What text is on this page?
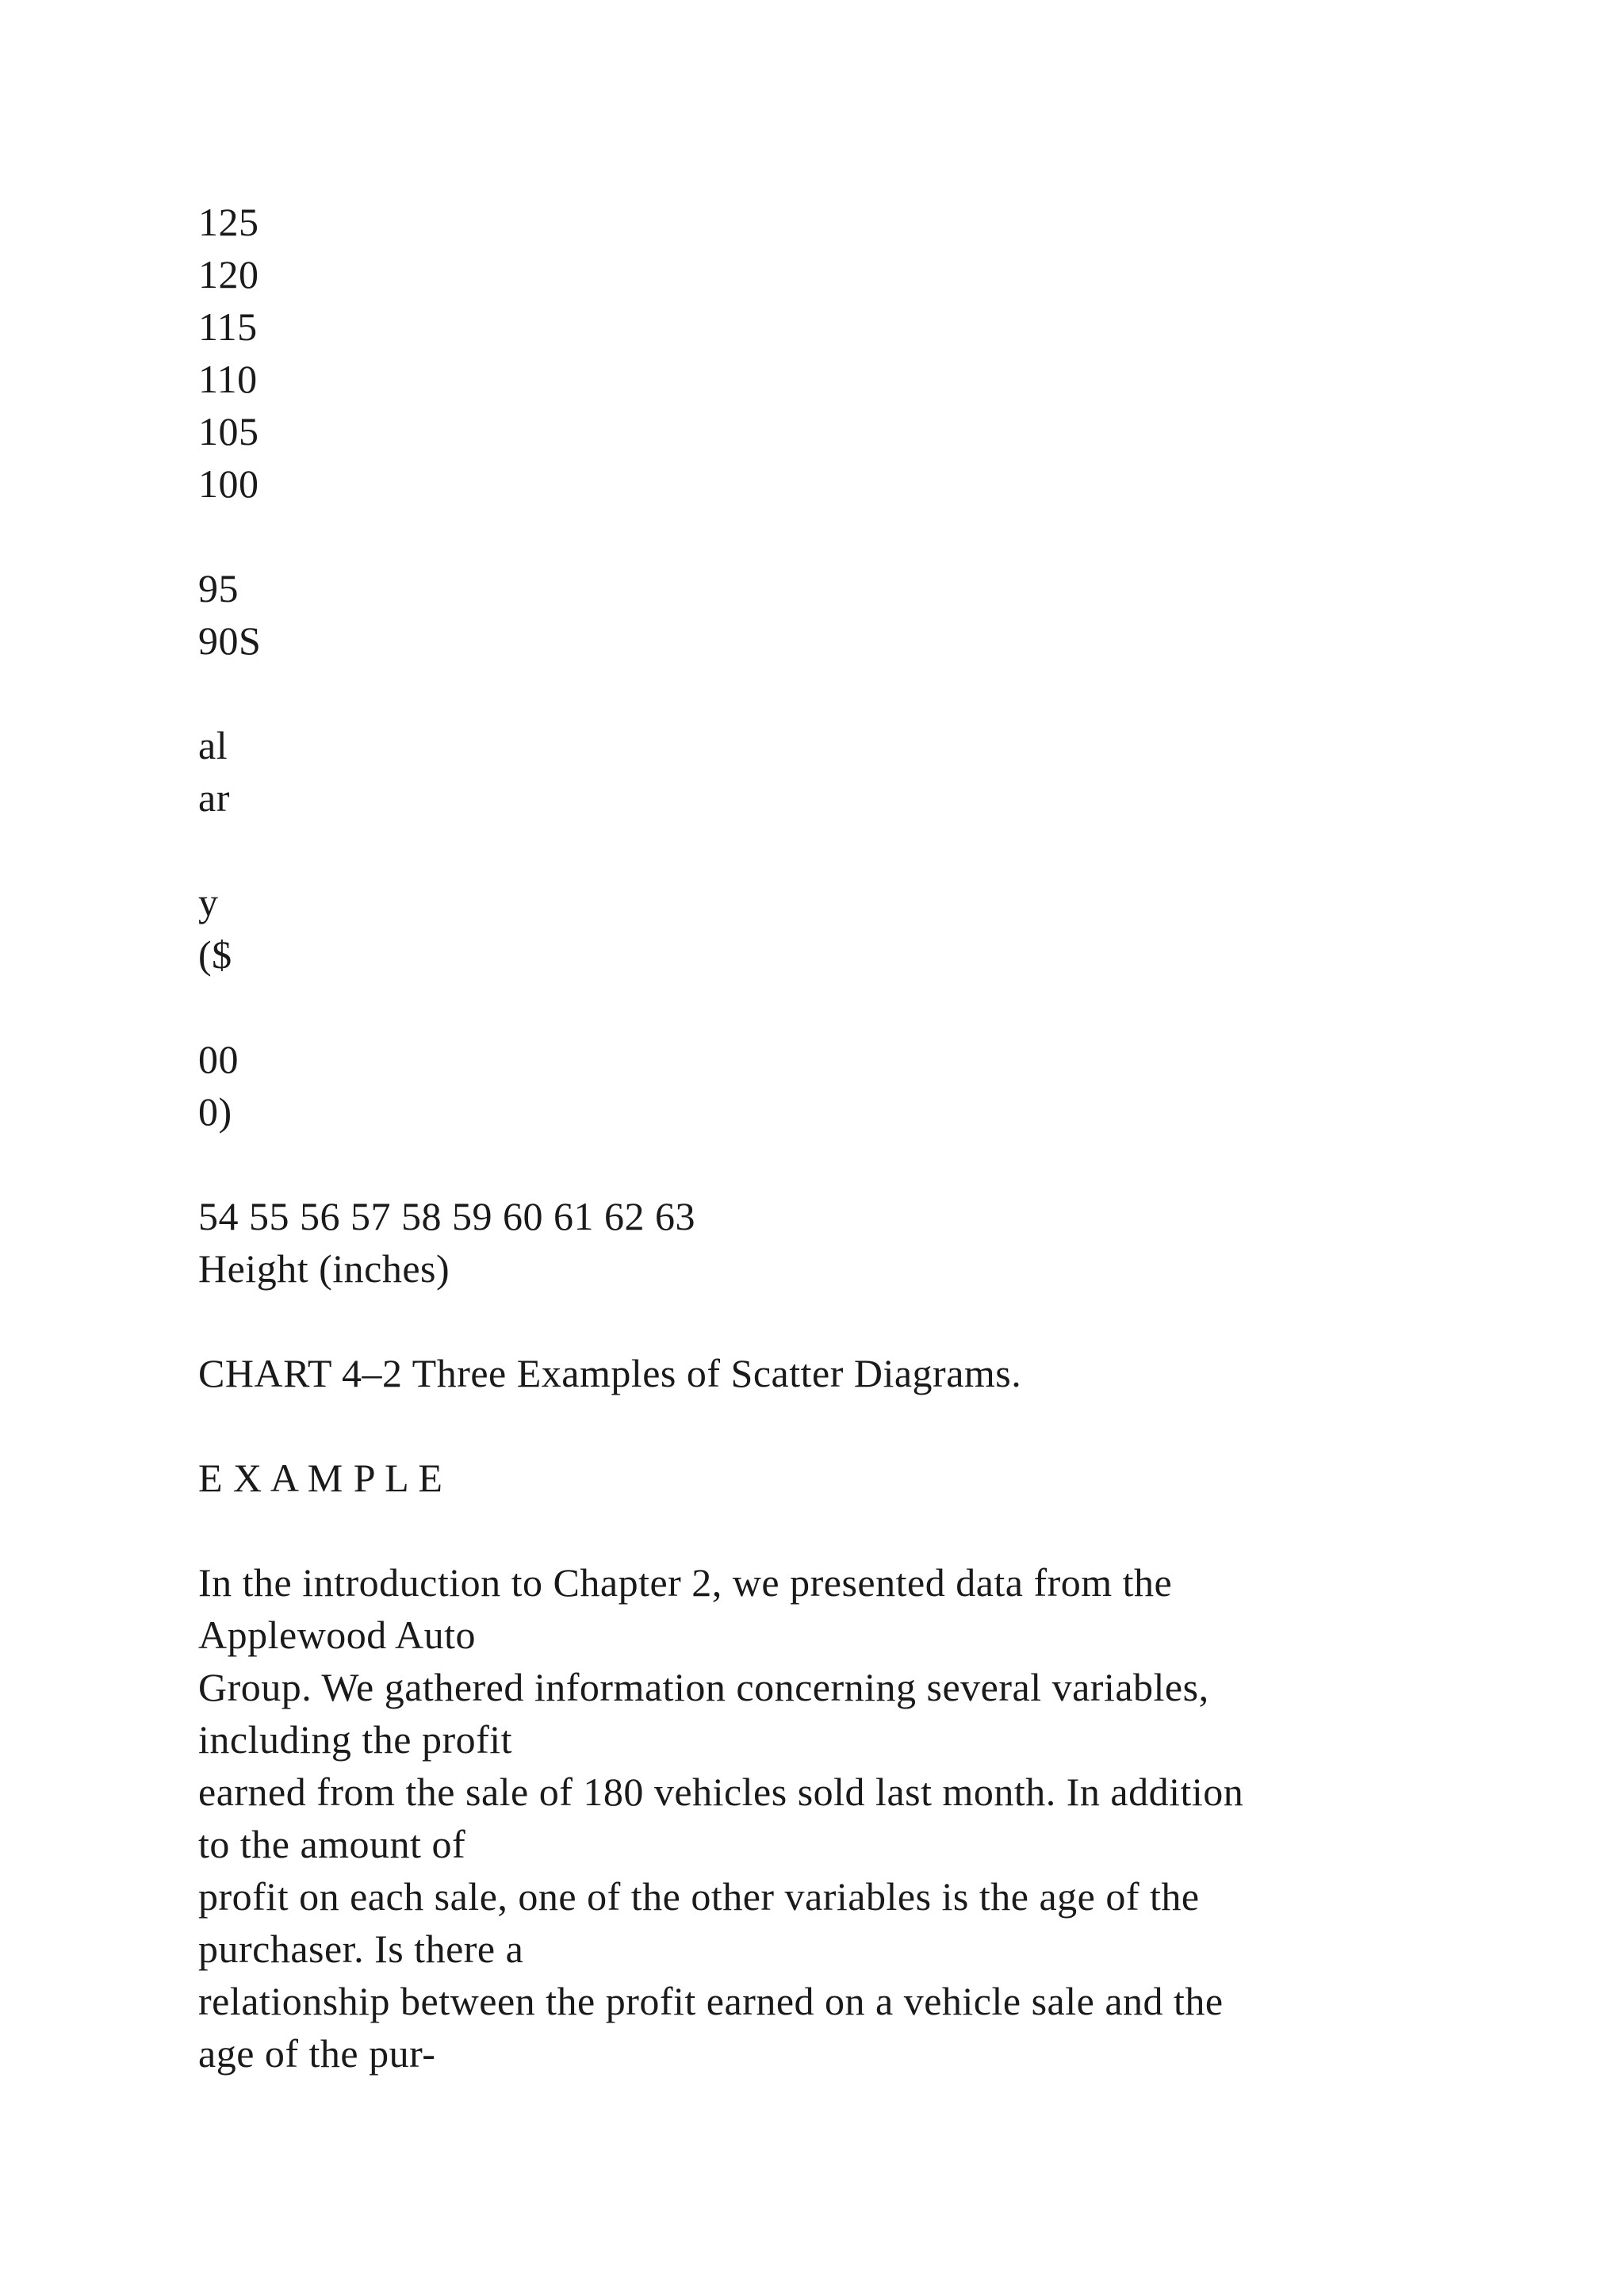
125
120
115
110
105
100
95
90S
al
ar
y
($
00
0)
54 55 56 57 58 59 60 61 62 63
Height (inches)
CHART 4–2 Three Examples of Scatter Diagrams.
E X A M P L E
In the introduction to Chapter 2, we presented data from the
Applewood Auto
Group. We gathered information concerning several variables,
including the profit
earned from the sale of 180 vehicles sold last month. In addition
to the amount of
profit on each sale, one of the other variables is the age of the
purchaser. Is there a
relationship between the profit earned on a vehicle sale and the
age of the pur-
